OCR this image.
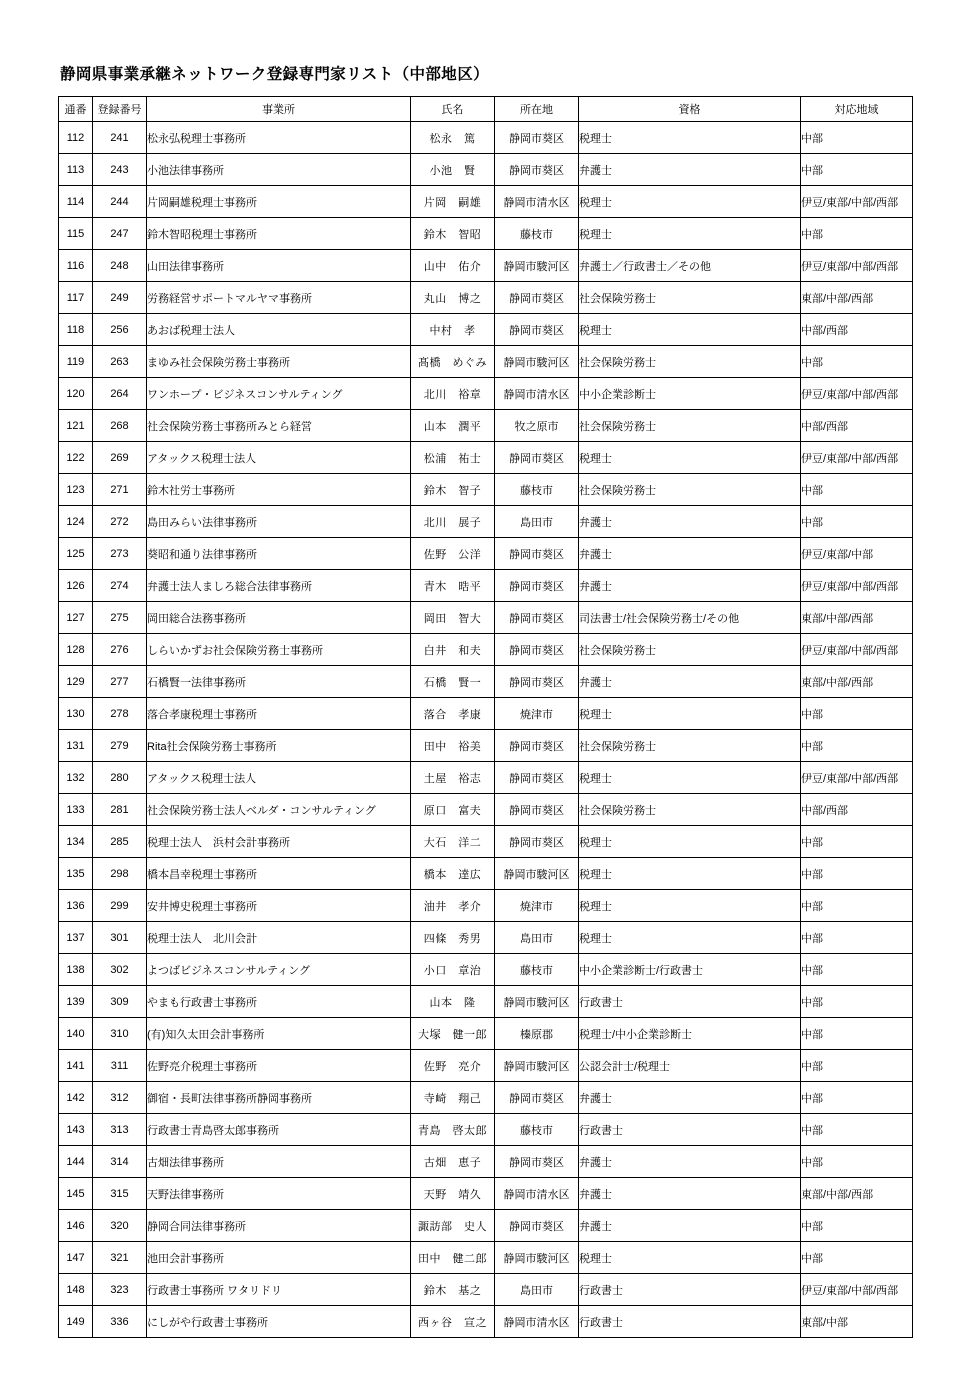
静岡県事業承継ネットワーク登録専門家リスト（中部地区）
通番	登録番号	事業所	氏名	所在地	資格	対応地域
112	241	松永弘税理士事務所	松永　篤	静岡市葵区	税理士	中部
113	243	小池法律事務所	小池　賢	静岡市葵区	弁護士	中部
114	244	片岡嗣雄税理士事務所	片岡　嗣雄	静岡市清水区	税理士	伊豆/東部/中部/西部
115	247	鈴木智昭税理士事務所	鈴木　智昭	藤枝市	税理士	中部
116	248	山田法律事務所	山中　佑介	静岡市駿河区	弁護士／行政書士／その他	伊豆/東部/中部/西部
117	249	労務経営サポートマルヤマ事務所	丸山　博之	静岡市葵区	社会保険労務士	東部/中部/西部
118	256	あおば税理士法人	中村　孝	静岡市葵区	税理士	中部/西部
119	263	まゆみ社会保険労務士事務所	髙橋　めぐみ	静岡市駿河区	社会保険労務士	中部
120	264	ワンホープ・ビジネスコンサルティング	北川　裕章	静岡市清水区	中小企業診断士	伊豆/東部/中部/西部
121	268	社会保険労務士事務所みとら経営	山本　潤平	牧之原市	社会保険労務士	中部/西部
122	269	アタックス税理士法人	松浦　祐士	静岡市葵区	税理士	伊豆/東部/中部/西部
123	271	鈴木社労士事務所	鈴木　智子	藤枝市	社会保険労務士	中部
124	272	島田みらい法律事務所	北川　展子	島田市	弁護士	中部
125	273	葵昭和通り法律事務所	佐野　公洋	静岡市葵区	弁護士	伊豆/東部/中部
126	274	弁護士法人ましろ総合法律事務所	青木　晧平	静岡市葵区	弁護士	伊豆/東部/中部/西部
127	275	岡田総合法務事務所	岡田　智大	静岡市葵区	司法書士/社会保険労務士/その他	東部/中部/西部
128	276	しらいかずお社会保険労務士事務所	白井　和夫	静岡市葵区	社会保険労務士	伊豆/東部/中部/西部
129	277	石橋賢一法律事務所	石橋　賢一	静岡市葵区	弁護士	東部/中部/西部
130	278	落合孝康税理士事務所	落合　孝康	焼津市	税理士	中部
131	279	Rita社会保険労務士事務所	田中　裕美	静岡市葵区	社会保険労務士	中部
132	280	アタックス税理士法人	土屋　裕志	静岡市葵区	税理士	伊豆/東部/中部/西部
133	281	社会保険労務士法人ベルダ・コンサルティング	原口　富夫	静岡市葵区	社会保険労務士	中部/西部
134	285	税理士法人　浜村会計事務所	大石　洋二	静岡市葵区	税理士	中部
135	298	橋本昌幸税理士事務所	橋本　達広	静岡市駿河区	税理士	中部
136	299	安井博史税理士事務所	油井　孝介	焼津市	税理士	中部
137	301	税理士法人　北川会計	四條　秀男	島田市	税理士	中部
138	302	よつばビジネスコンサルティング	小口　章治	藤枝市	中小企業診断士/行政書士	中部
139	309	やまも行政書士事務所	山本　隆	静岡市駿河区	行政書士	中部
140	310	(有)知久太田会計事務所	大塚　健一郎	榛原郡	税理士/中小企業診断士	中部
141	311	佐野亮介税理士事務所	佐野　亮介	静岡市駿河区	公認会計士/税理士	中部
142	312	御宿・長町法律事務所静岡事務所	寺崎　翔己	静岡市葵区	弁護士	中部
143	313	行政書士青島啓太郎事務所	青島　啓太郎	藤枝市	行政書士	中部
144	314	古畑法律事務所	古畑　恵子	静岡市葵区	弁護士	中部
145	315	天野法律事務所	天野　靖久	静岡市清水区	弁護士	東部/中部/西部
146	320	静岡合同法律事務所	諏訪部　史人	静岡市葵区	弁護士	中部
147	321	池田会計事務所	田中　健二郎	静岡市駿河区	税理士	中部
148	323	行政書士事務所 ワタリドリ	鈴木　基之	島田市	行政書士	伊豆/東部/中部/西部
149	336	にしがや行政書士事務所	西ヶ谷　宣之	静岡市清水区	行政書士	東部/中部
